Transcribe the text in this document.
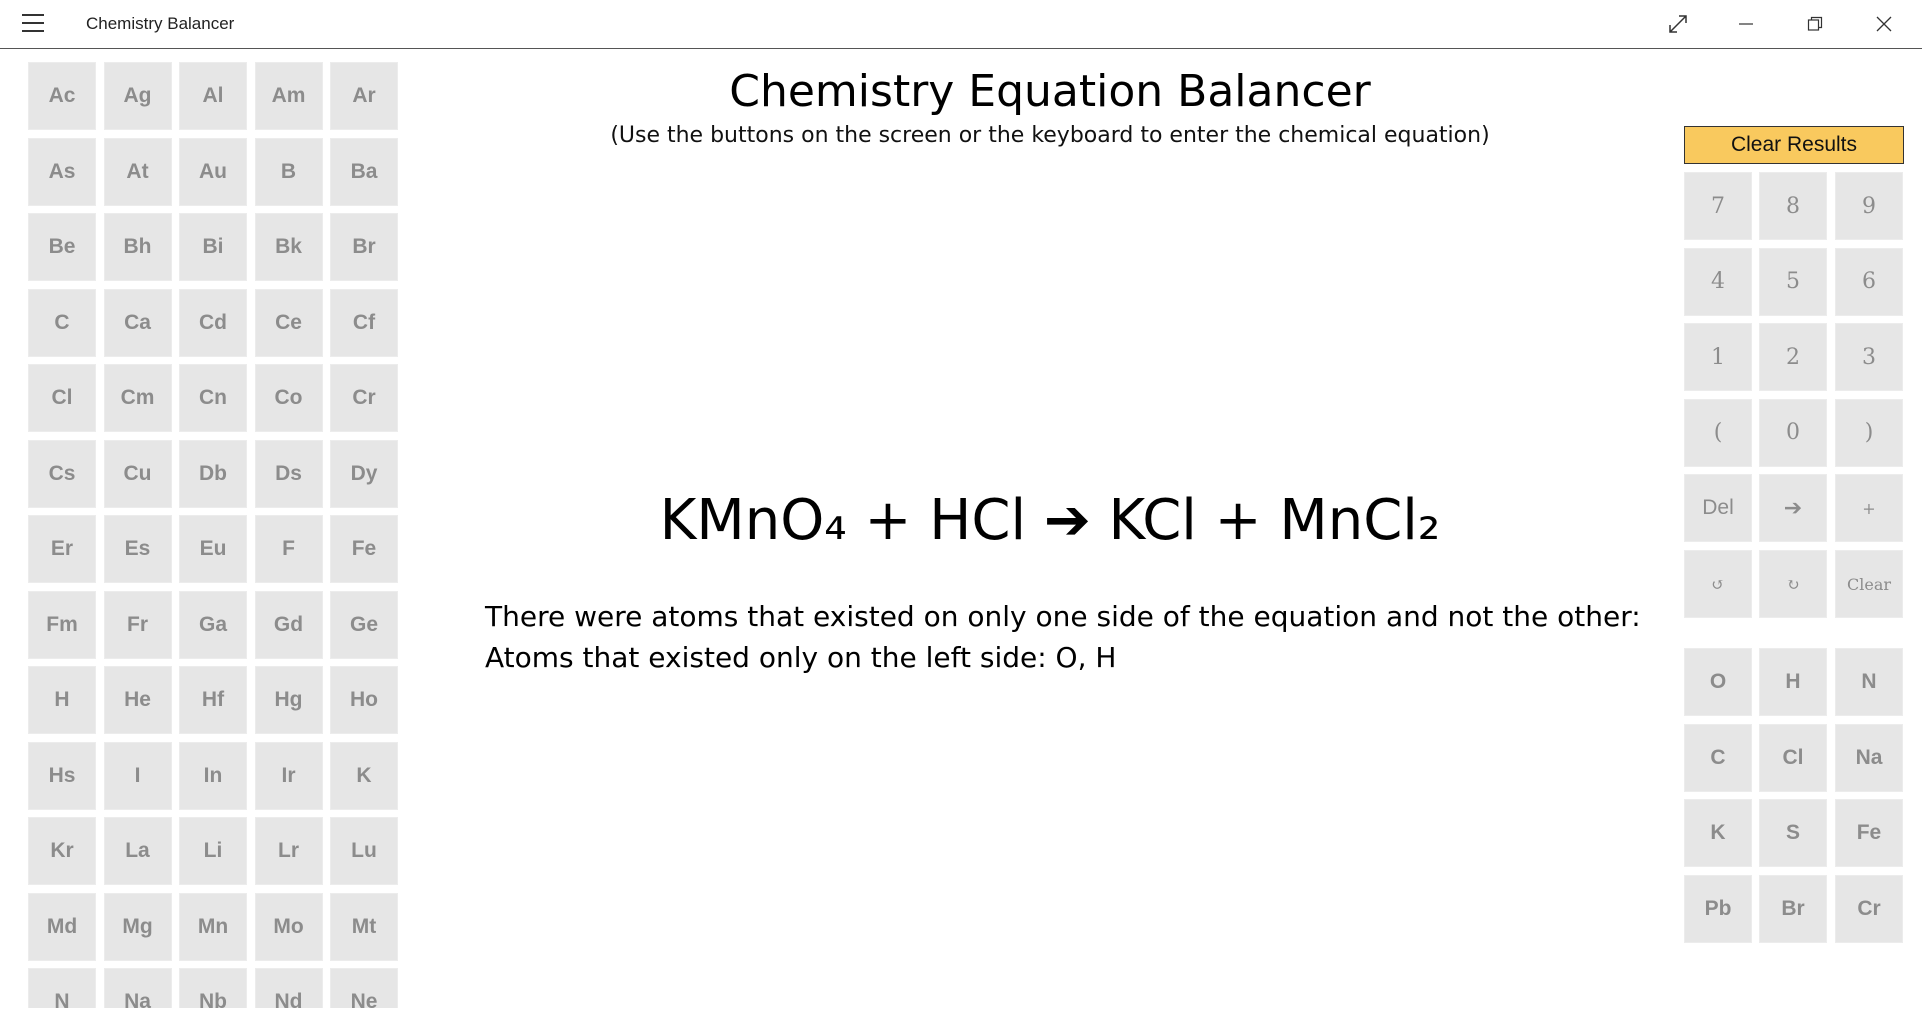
Chemistry Balancer
Ac	Ag	Al	Am	Ar
As	At	Au	B	Ba
Be	Bh	Bi	Bk	Br
C	Ca	Cd	Ce	Cf
Cl	Cm	Cn	Co	Cr
Cs	Cu	Db	Ds	Dy
Er	Es	Eu	F	Fe
Fm	Fr	Ga	Gd	Ge
H	He	Hf	Hg	Ho
Hs	I	In	Ir	K
Kr	La	Li	Lr	Lu
Md	Mg	Mn	Mo	Mt
N	Na	Nb	Nd	Ne
Chemistry Equation Balancer
(Use the buttons on the screen or the keyboard to enter the chemical equation)
KMnO₄ + HCl ➔ KCl + MnCl₂
There were atoms that existed on only one side of the equation and not the other:
Atoms that existed only on the left side: O, H
Clear Results
7	8	9
4	5	6
1	2	3
(	0	)
Del	➔	+
↺	↻	Clear
O	H	N
C	Cl	Na
K	S	Fe
Pb	Br	Cr
